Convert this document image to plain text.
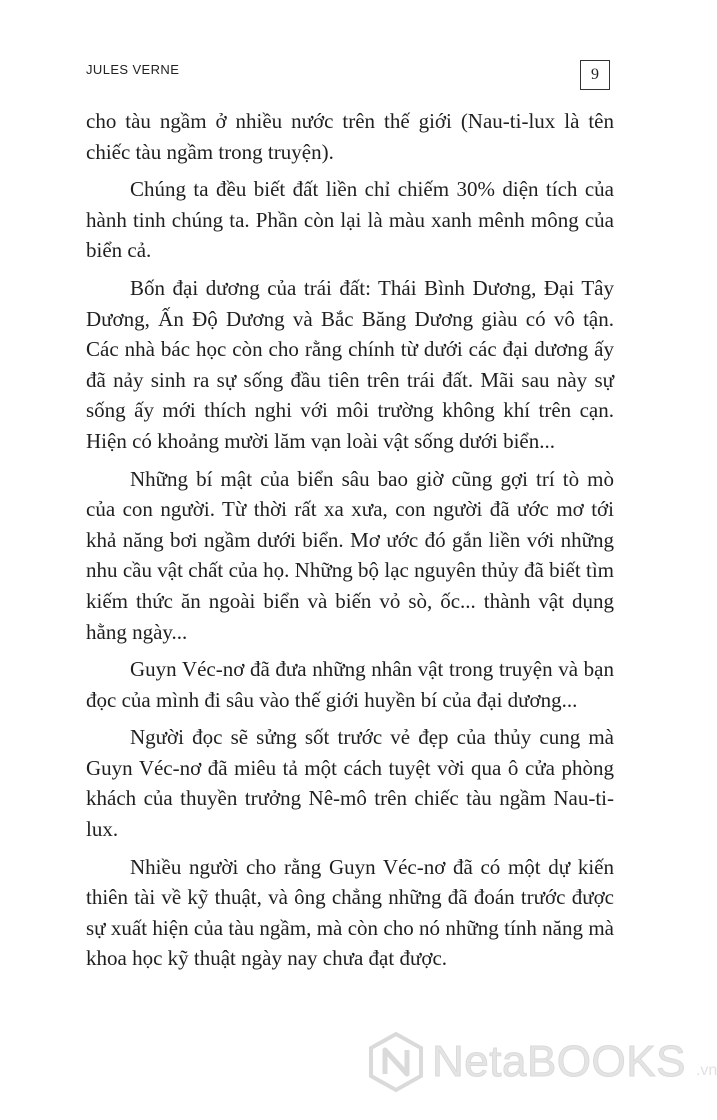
JULES VERNE	9

cho tàu ngầm ở nhiều nước trên thế giới (Nau-ti-lux là tên chiếc tàu ngầm trong truyện).

Chúng ta đều biết đất liền chỉ chiếm 30% diện tích của hành tinh chúng ta. Phần còn lại là màu xanh mênh mông của biển cả.

Bốn đại dương của trái đất: Thái Bình Dương, Đại Tây Dương, Ấn Độ Dương và Bắc Băng Dương giàu có vô tận. Các nhà bác học còn cho rằng chính từ dưới các đại dương ấy đã nảy sinh ra sự sống đầu tiên trên trái đất. Mãi sau này sự sống ấy mới thích nghi với môi trường không khí trên cạn. Hiện có khoảng mười lăm vạn loài vật sống dưới biển...

Những bí mật của biển sâu bao giờ cũng gợi trí tò mò của con người. Từ thời rất xa xưa, con người đã ước mơ tới khả năng bơi ngầm dưới biển. Mơ ước đó gắn liền với những nhu cầu vật chất của họ. Những bộ lạc nguyên thủy đã biết tìm kiếm thức ăn ngoài biển và biến vỏ sò, ốc... thành vật dụng hằng ngày...

Guyn Véc-nơ đã đưa những nhân vật trong truyện và bạn đọc của mình đi sâu vào thế giới huyền bí của đại dương...

Người đọc sẽ sửng sốt trước vẻ đẹp của thủy cung mà Guyn Véc-nơ đã miêu tả một cách tuyệt vời qua ô cửa phòng khách của thuyền trưởng Nê-mô trên chiếc tàu ngầm Nau-ti-lux.

Nhiều người cho rằng Guyn Véc-nơ đã có một dự kiến thiên tài về kỹ thuật, và ông chẳng những đã đoán trước được sự xuất hiện của tàu ngầm, mà còn cho nó những tính năng mà khoa học kỹ thuật ngày nay chưa đạt được.

NetaBOOKS .vn
